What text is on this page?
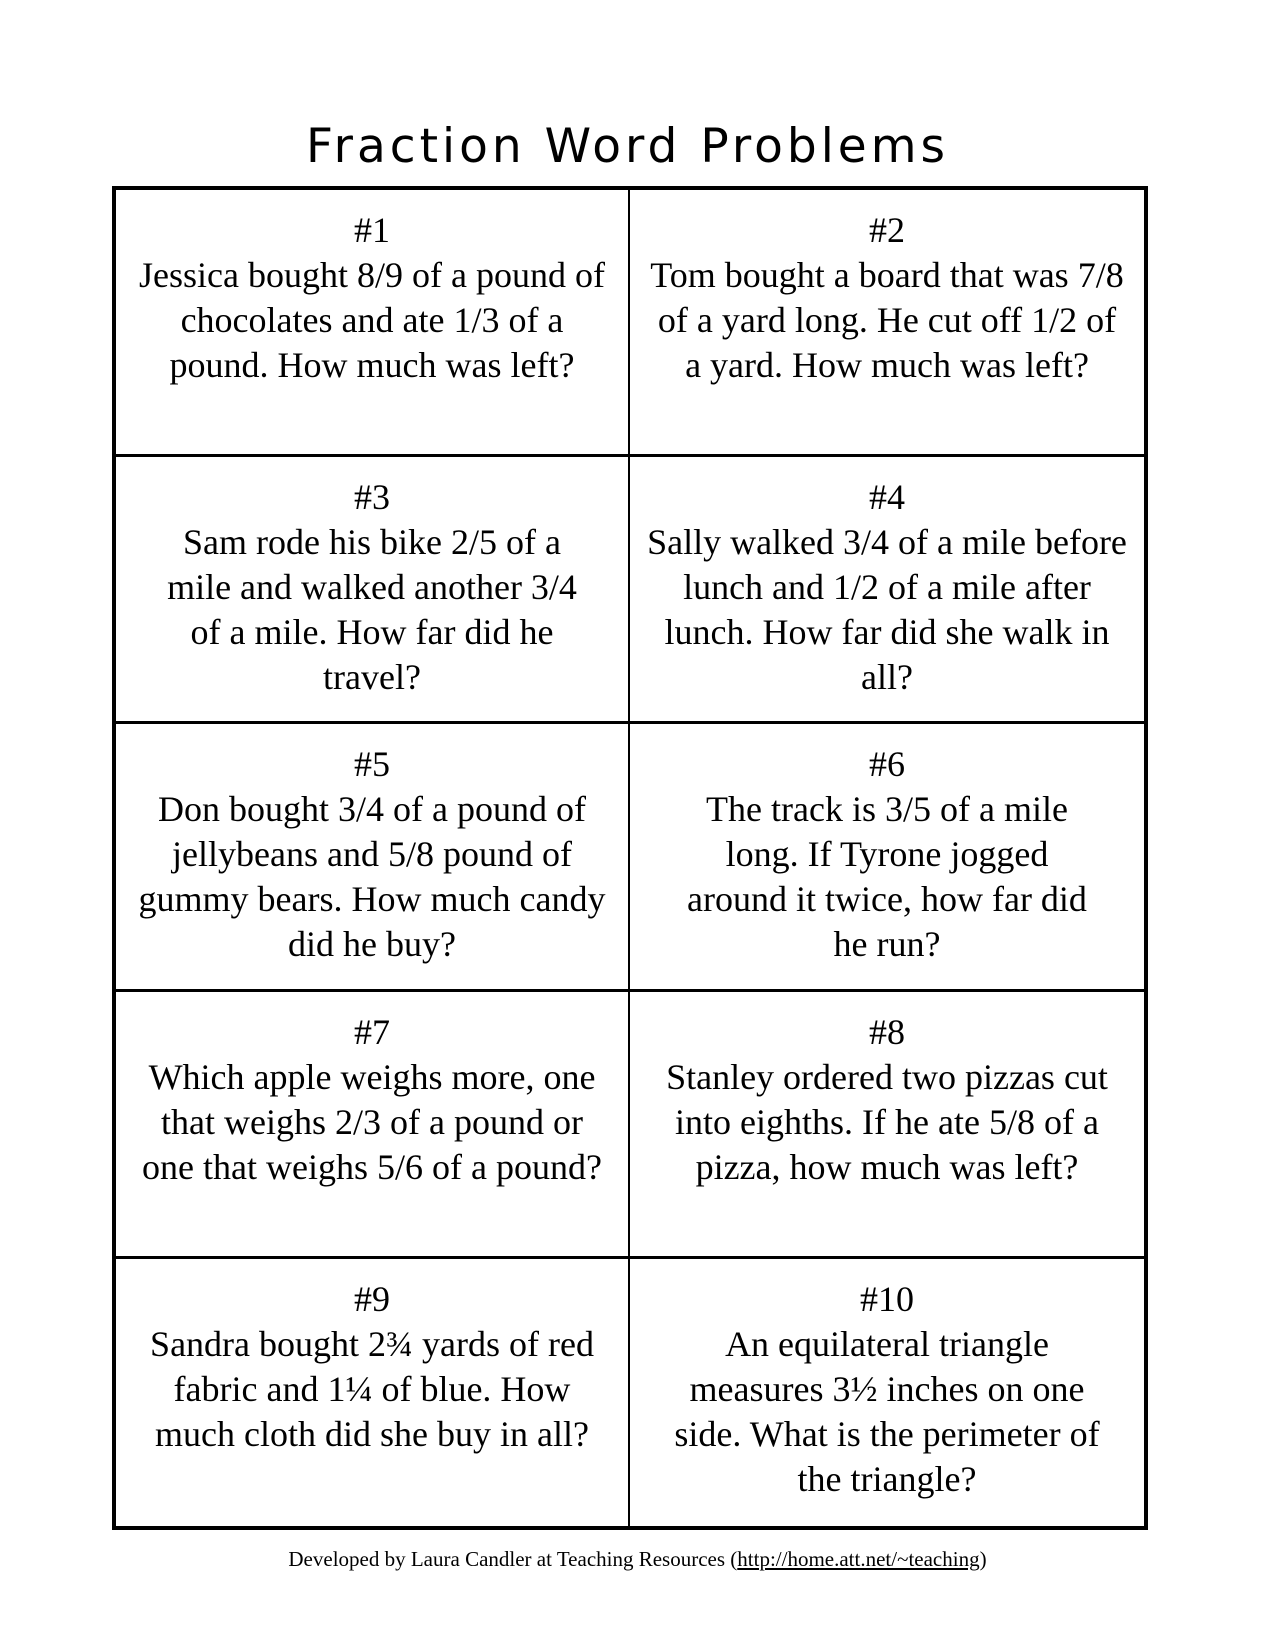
Fraction Word Problems
#1
Jessica bought 8/9 of a pound of chocolates and ate 1/3 of a pound. How much was left?
#2
Tom bought a board that was 7/8 of a yard long. He cut off 1/2 of a yard. How much was left?
#3
Sam rode his bike 2/5 of a mile and walked another 3/4 of a mile. How far did he travel?
#4
Sally walked 3/4 of a mile before lunch and 1/2 of a mile after lunch. How far did she walk in all?
#5
Don bought 3/4 of a pound of jellybeans and 5/8 pound of gummy bears. How much candy did he buy?
#6
The track is 3/5 of a mile long. If Tyrone jogged around it twice, how far did he run?
#7
Which apple weighs more, one that weighs 2/3 of a pound or one that weighs 5/6 of a pound?
#8
Stanley ordered two pizzas cut into eighths. If he ate 5/8 of a pizza, how much was left?
#9
Sandra bought 2¾ yards of red fabric and 1¼ of blue. How much cloth did she buy in all?
#10
An equilateral triangle measures 3½ inches on one side. What is the perimeter of the triangle?
Developed by Laura Candler at Teaching Resources (http://home.att.net/~teaching)
